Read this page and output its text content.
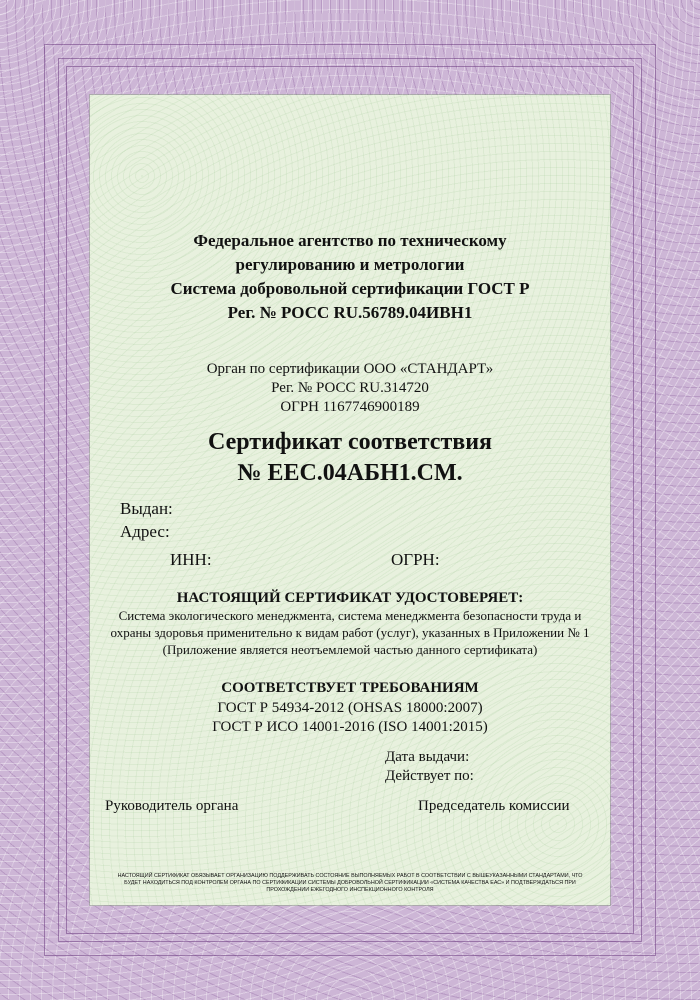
Федеральное агентство по техническому
регулированию и метрологии
Система добровольной сертификации ГОСТ Р
Рег. № РОСС RU.56789.04ИВН1
Орган по сертификации ООО «СТАНДАРТ»
Рег. № РОСС RU.314720
ОГРН 1167746900189
Сертификат соответствия
№ ЕЕС.04АБН1.СМ.
Выдан:
Адрес:
ИНН:	ОГРН:
НАСТОЯЩИЙ СЕРТИФИКАТ УДОСТОВЕРЯЕТ:
Система экологического менеджмента, система менеджмента безопасности труда и
охраны здоровья применительно к видам работ (услуг), указанных в Приложении № 1
(Приложение является неотъемлемой частью данного сертификата)
СООТВЕТСТВУЕТ ТРЕБОВАНИЯМ
ГОСТ Р 54934-2012 (OHSAS 18000:2007)
ГОСТ Р ИСО 14001-2016 (ISO 14001:2015)
Дата выдачи:
Действует по:
Руководитель органа	Председатель комиссии
НАСТОЯЩИЙ СЕРТИФИКАТ ОБЯЗЫВАЕТ ОРГАНИЗАЦИЮ ПОДДЕРЖИВАТЬ СОСТОЯНИЕ ВЫПОЛНЯЕМЫХ РАБОТ В СООТВЕТСТВИИ С ВЫШЕУКАЗАННЫМИ СТАНДАРТАМИ, ЧТО БУДЕТ НАХОДИТЬСЯ ПОД КОНТРОЛЕМ ОРГАНА ПО СЕРТИФИКАЦИИ СИСТЕМЫ ДОБРОВОЛЬНОЙ СЕРТИФИКАЦИИ «СИСТЕМА КАЧЕСТВА ЕАС» И ПОДТВЕРЖДАТЬСЯ ПРИ ПРОХОЖДЕНИИ ЕЖЕГОДНОГО ИНСПЕКЦИОННОГО КОНТРОЛЯ
